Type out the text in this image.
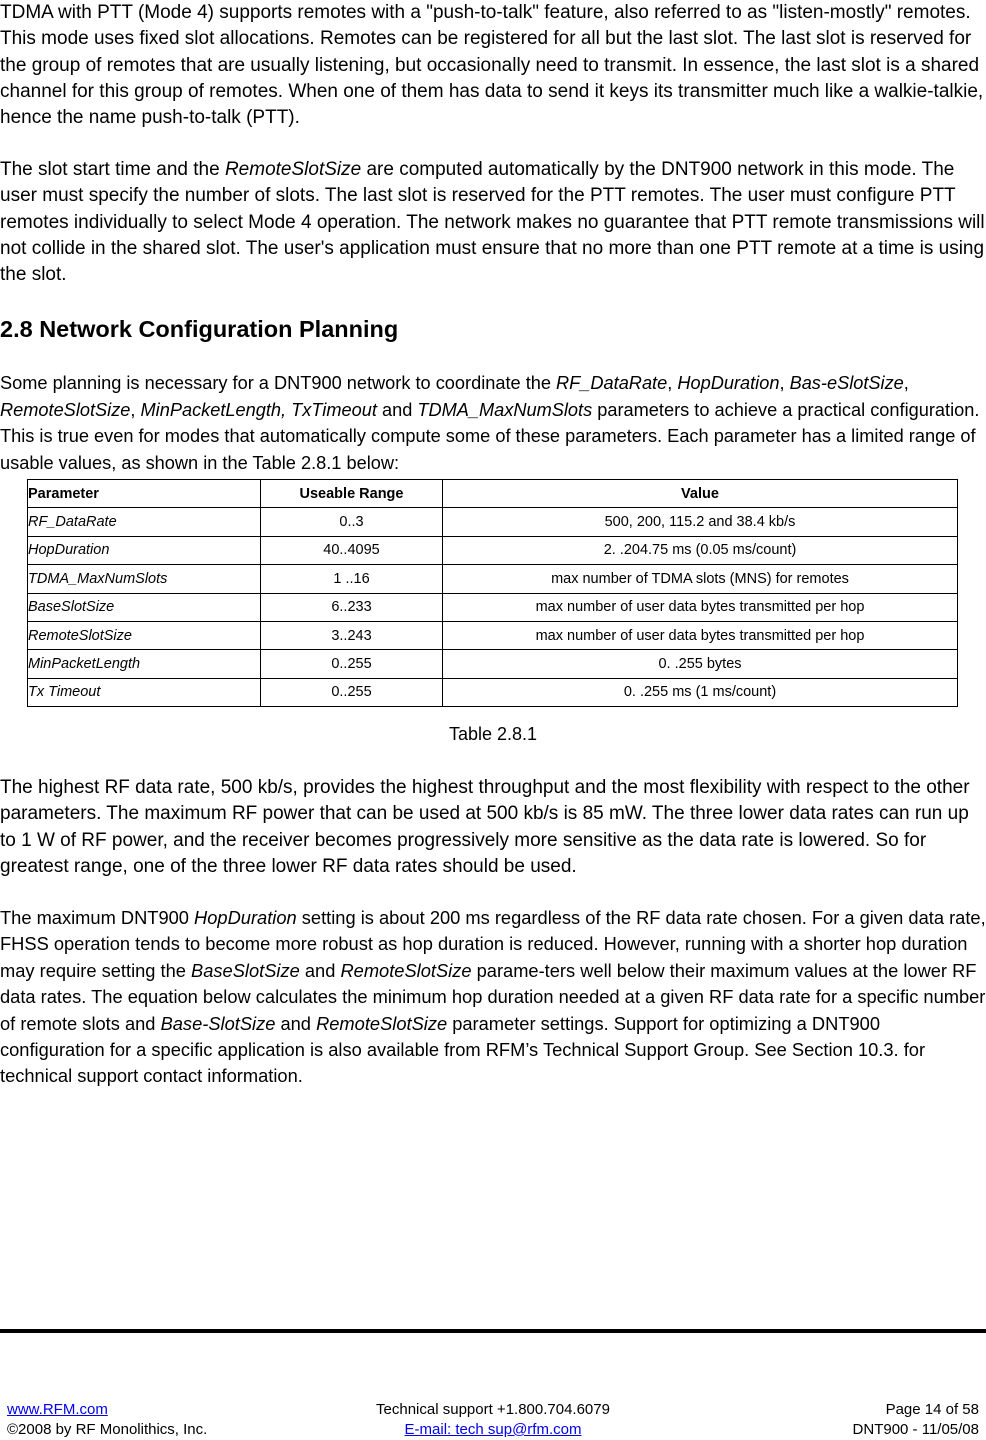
TDMA with PTT (Mode 4) supports remotes with a "push-to-talk" feature, also referred to as "listen-mostly" remotes. This mode uses fixed slot allocations. Remotes can be registered for all but the last slot. The last slot is reserved for the group of remotes that are usually listening, but occasionally need to transmit. In essence, the last slot is a shared channel for this group of remotes. When one of them has data to send it keys its transmitter much like a walkie-talkie, hence the name push-to-talk (PTT).

The slot start time and the RemoteSlotSize are computed automatically by the DNT900 network in this mode. The user must specify the number of slots. The last slot is reserved for the PTT remotes. The user must configure PTT remotes individually to select Mode 4 operation. The network makes no guarantee that PTT remote transmissions will not collide in the shared slot. The user's application must ensure that no more than one PTT remote at a time is using the slot.

2.8 Network Configuration Planning

Some planning is necessary for a DNT900 network to coordinate the RF_DataRate, HopDuration, Bas-eSlotSize, RemoteSlotSize, MinPacketLength, TxTimeout and TDMA_MaxNumSlots parameters to achieve a practical configuration. This is true even for modes that automatically compute some of these parameters. Each parameter has a limited range of usable values, as shown in the Table 2.8.1 below:

Parameter	Useable Range	Value
RF_DataRate	0..3	500, 200, 115.2 and 38.4 kb/s
HopDuration	40..4095	2. .204.75 ms (0.05 ms/count)
TDMA_MaxNumSlots	1 ..16	max number of TDMA slots (MNS) for remotes
BaseSlotSize	6..233	max number of user data bytes transmitted per hop
RemoteSlotSize	3..243	max number of user data bytes transmitted per hop
MinPacketLength	0..255	0. .255 bytes
Tx Timeout	0..255	0. .255 ms (1 ms/count)
Table 2.8.1

The highest RF data rate, 500 kb/s, provides the highest throughput and the most flexibility with respect to the other parameters. The maximum RF power that can be used at 500 kb/s is 85 mW. The three lower data rates can run up to 1 W of RF power, and the receiver becomes progressively more sensitive as the data rate is lowered. So for greatest range, one of the three lower RF data rates should be used.

The maximum DNT900 HopDuration setting is about 200 ms regardless of the RF data rate chosen. For a given data rate, FHSS operation tends to become more robust as hop duration is reduced. However, running with a shorter hop duration may require setting the BaseSlotSize and RemoteSlotSize parame-ters well below their maximum values at the lower RF data rates. The equation below calculates the minimum hop duration needed at a given RF data rate for a specific number of remote slots and Base-SlotSize and RemoteSlotSize parameter settings. Support for optimizing a DNT900 configuration for a specific application is also available from RFM’s Technical Support Group. See Section 10.3. for technical support contact information.

www.RFM.com
©2008 by RF Monolithics, Inc.
Technical support +1.800.704.6079
E-mail: tech sup@rfm.com
Page 14 of 58
DNT900 - 11/05/08
